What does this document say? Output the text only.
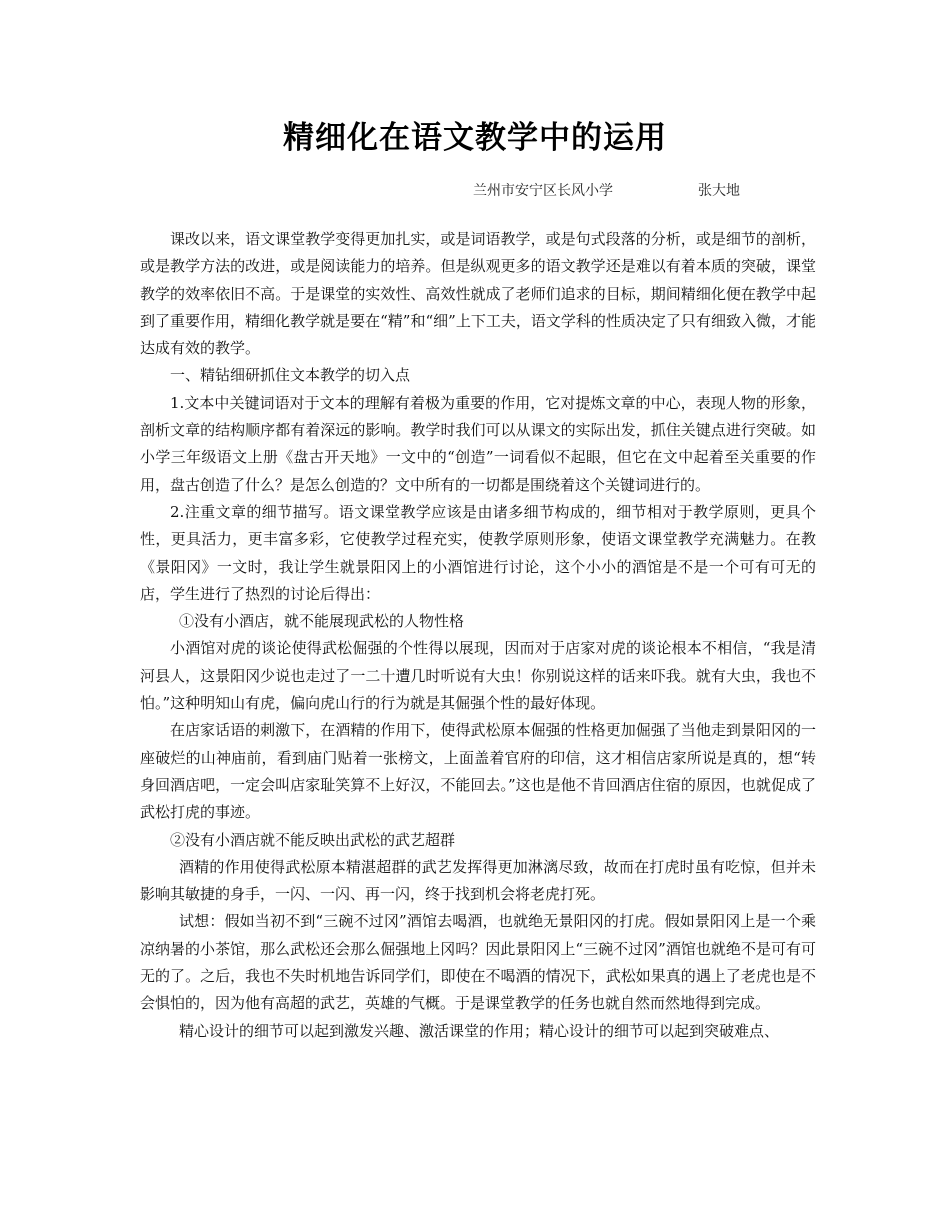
精细化在语文教学中的运用
兰州市安宁区长风小学	张大地

课改以来，语文课堂教学变得更加扎实，或是词语教学，或是句式段落的分析，或是细节的剖析，或是教学方法的改进，或是阅读能力的培养。但是纵观更多的语文教学还是难以有着本质的突破，课堂教学的效率依旧不高。于是课堂的实效性、高效性就成了老师们追求的目标，期间精细化便在教学中起到了重要作用，精细化教学就是要在“精”和“细”上下工夫，语文学科的性质决定了只有细致入微，才能达成有效的教学。

一、精钻细研抓住文本教学的切入点

1.文本中关键词语对于文本的理解有着极为重要的作用，它对提炼文章的中心，表现人物的形象，剖析文章的结构顺序都有着深远的影响。教学时我们可以从课文的实际出发，抓住关键点进行突破。如小学三年级语文上册《盘古开天地》一文中的“创造”一词看似不起眼，但它在文中起着至关重要的作用，盘古创造了什么？是怎么创造的？文中所有的一切都是围绕着这个关键词进行的。

2.注重文章的细节描写。语文课堂教学应该是由诸多细节构成的，细节相对于教学原则，更具个性，更具活力，更丰富多彩，它使教学过程充实，使教学原则形象，使语文课堂教学充满魅力。在教《景阳冈》一文时，我让学生就景阳冈上的小酒馆进行讨论，这个小小的酒馆是不是一个可有可无的店，学生进行了热烈的讨论后得出：

①没有小酒店，就不能展现武松的人物性格

小酒馆对虎的谈论使得武松倔强的个性得以展现，因而对于店家对虎的谈论根本不相信，“我是清河县人，这景阳冈少说也走过了一二十遭几时听说有大虫！你别说这样的话来吓我。就有大虫，我也不怕。”这种明知山有虎，偏向虎山行的行为就是其倔强个性的最好体现。

在店家话语的刺激下，在酒精的作用下，使得武松原本倔强的性格更加倔强了当他走到景阳冈的一座破烂的山神庙前，看到庙门贴着一张榜文，上面盖着官府的印信，这才相信店家所说是真的，想“转身回酒店吧，一定会叫店家耻笑算不上好汉，不能回去。”这也是他不肯回酒店住宿的原因，也就促成了武松打虎的事迹。

②没有小酒店就不能反映出武松的武艺超群

酒精的作用使得武松原本精湛超群的武艺发挥得更加淋漓尽致，故而在打虎时虽有吃惊，但并未影响其敏捷的身手，一闪、一闪、再一闪，终于找到机会将老虎打死。

试想：假如当初不到“三碗不过冈”酒馆去喝酒，也就绝无景阳冈的打虎。假如景阳冈上是一个乘凉纳暑的小茶馆，那么武松还会那么倔强地上冈吗？因此景阳冈上“三碗不过冈”酒馆也就绝不是可有可无的了。之后，我也不失时机地告诉同学们，即使在不喝酒的情况下，武松如果真的遇上了老虎也是不会惧怕的，因为他有高超的武艺，英雄的气概。于是课堂教学的任务也就自然而然地得到完成。

精心设计的细节可以起到激发兴趣、激活课堂的作用；精心设计的细节可以起到突破难点、
